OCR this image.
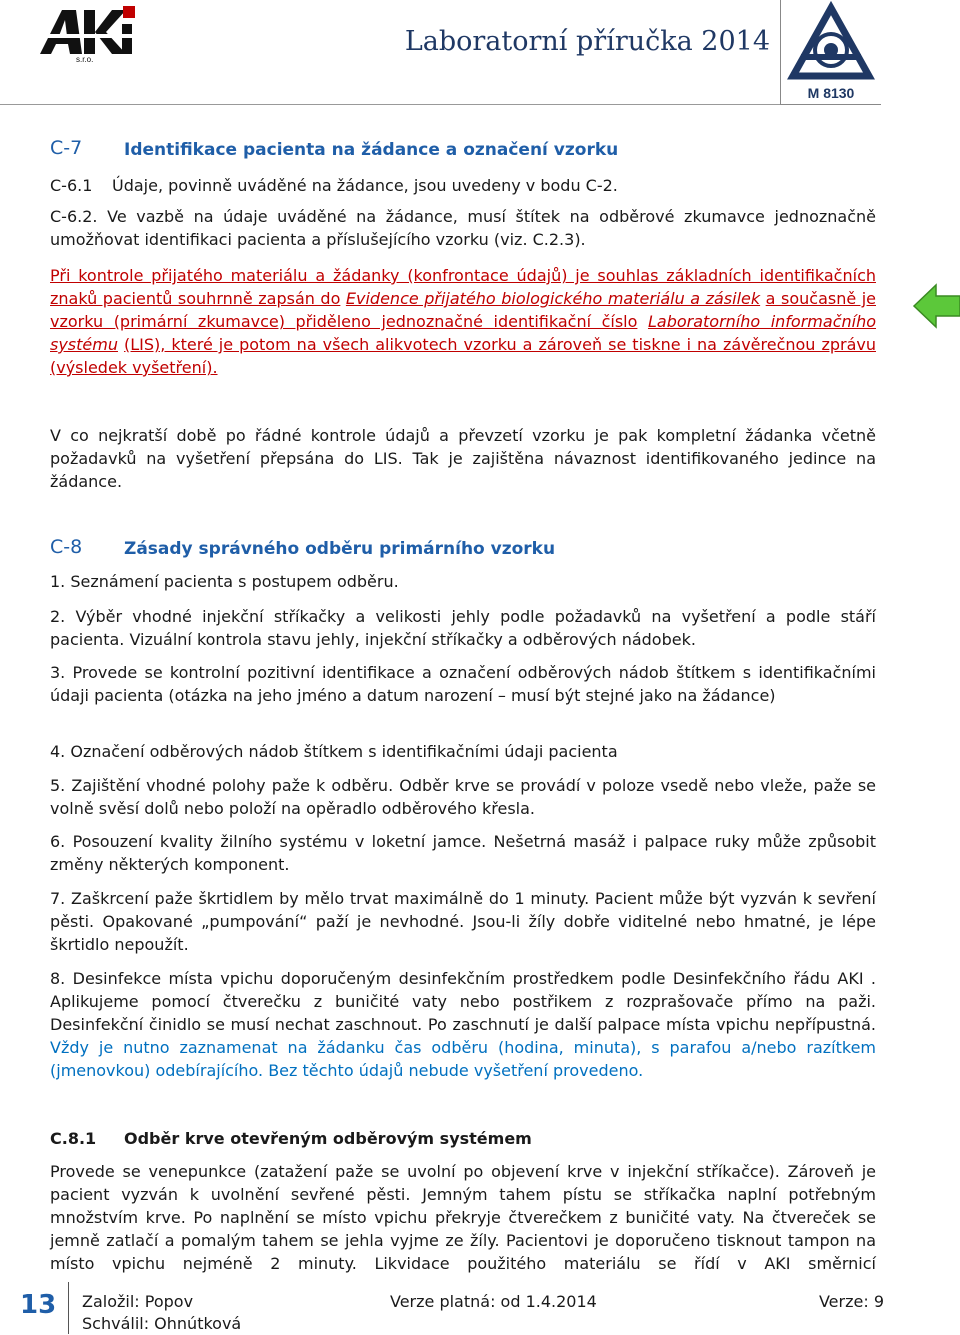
s.r.o.
Laboratorní příručka 2014
M 8130
C-7 Identifikace pacienta na žádance a označení vzorku
C-6.1 Údaje, povinně uváděné na žádance, jsou uvedeny v bodu C-2.
C-6.2. Ve vazbě na údaje uváděné na žádance, musí štítek na odběrové zkumavce jednoznačně
umožňovat identifikaci pacienta a příslušejícího vzorku (viz. C.2.3).
Při kontrole přijatého materiálu a žádanky (konfrontace údajů) je souhlas základních identifikačních znaků pacientů souhrnně zapsán do Evidence přijatého biologického materiálu a zásilek a současně je vzorku (primární zkumavce) přiděleno jednoznačné identifikační číslo Laboratorního informačního systému (LIS), které je potom na všech alikvotech vzorku a zároveň se tiskne i na závěrečnou zprávu (výsledek vyšetření).
V co nejkratší době po řádné kontrole údajů a převzetí vzorku je pak kompletní žádanka včetně požadavků na vyšetření přepsána do LIS. Tak je zajištěna návaznost identifikovaného jedince na žádance.
C-8 Zásady správného odběru primárního vzorku
1. Seznámení pacienta s postupem odběru.
2. Výběr vhodné injekční stříkačky a velikosti jehly podle požadavků na vyšetření a podle stáří pacienta. Vizuální kontrola stavu jehly, injekční stříkačky a odběrových nádobek.
3. Provede se kontrolní pozitivní identifikace a označení odběrových nádob štítkem s identifikačními údaji pacienta (otázka na jeho jméno a datum narození – musí být stejné jako na žádance)
4. Označení odběrových nádob štítkem s identifikačními údaji pacienta
5. Zajištění vhodné polohy paže k odběru. Odběr krve se provádí v poloze vsedě nebo vleže, paže se volně svěsí dolů nebo položí na opěradlo odběrového křesla.
6. Posouzení kvality žilního systému v loketní jamce. Nešetrná masáž i palpace ruky může způsobit změny některých komponent.
7. Zaškrcení paže škrtidlem by mělo trvat maximálně do 1 minuty. Pacient může být vyzván k sevření pěsti. Opakované „pumpování“ paží je nevhodné. Jsou-li žíly dobře viditelné nebo hmatné, je lépe škrtidlo nepoužít.
8. Desinfekce místa vpichu doporučeným desinfekčním prostředkem podle Desinfekčního řádu AKI . Aplikujeme pomocí čtverečku z buničité vaty nebo postřikem z rozprašovače přímo na paži. Desinfekční činidlo se musí nechat zaschnout. Po zaschnutí je další palpace místa vpichu nepřípustná. Vždy je nutno zaznamenat na žádanku čas odběru (hodina, minuta), s parafou a/nebo razítkem (jmenovkou) odebírajícího. Bez těchto údajů nebude vyšetření provedeno.
C.8.1 Odběr krve otevřeným odběrovým systémem
Provede se venepunkce (zatažení paže se uvolní po objevení krve v injekční stříkačce). Zároveň je pacient vyzván k uvolnění sevřené pěsti. Jemným tahem pístu se stříkačka naplní potřebným množstvím krve. Po naplnění se místo vpichu překryje čtverečkem z buničité vaty. Na čtvereček se jemně zatlačí a pomalým tahem se jehla vyjme ze žíly. Pacientovi je doporučeno tisknout tampon na místo vpichu nejméně 2 minuty. Likvidace použitého materiálu se řídí v AKI směrnicí
13 Založil: Popov
Schválil: Ohnútková
Verze platná: od 1.4.2014	Verze: 9
